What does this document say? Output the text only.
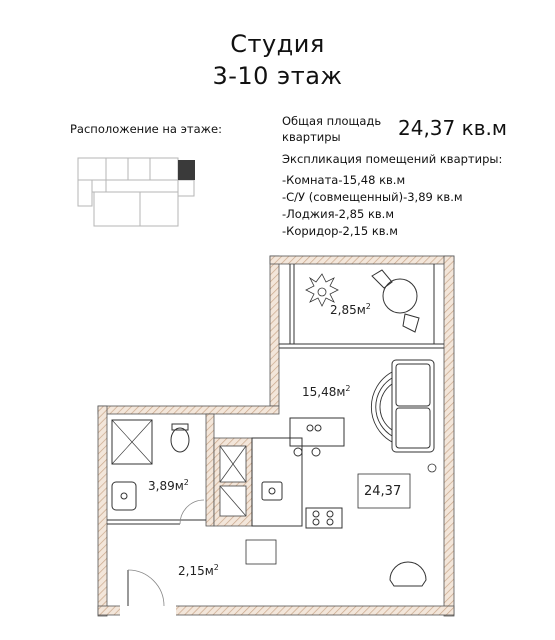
Студия
3-10 этаж
Расположение на этаже:
Общая площадь
квартиры	24,37 кв.м
Экспликация помещений квартиры:
-Комната-15,48 кв.м
-С/У (совмещенный)-3,89 кв.м
-Лоджия-2,85 кв.м
-Коридор-2,15 кв.м
$2,85м^2$
$15,48м^2$
$3,89м^2$
$2,15м^2$
24,37
